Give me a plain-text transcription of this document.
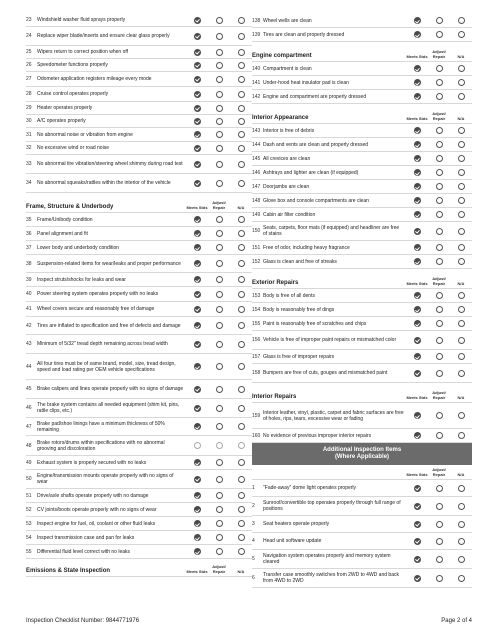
23	Windshield washer fluid sprays properly
24	Replace wiper blade/inserts and ensure clear glass properly
25	Wipers return to correct position when off
26	Speedometer functions properly
27	Odometer application registers mileage every mode
28	Cruise control operates properly
29	Heater operates properly
30	A/C operates properly
31	No abnormal noise or vibration from engine
32	No excessive wind or road noise
33	No abnormal tire vibration/steering wheel shimmy during road test
34	No abnormal squeaks/rattles within the interior of the vehicle
Frame, Structure & Underbody	Meets Stds
Adjust/ Repair	N/A
35	Frame/Unibody condition
36	Panel alignment and fit
37	Lower body and underbody condition
38	Suspension-related items for wear/leaks and proper performance
39	Inspect struts/shocks for leaks and wear
40	Power steering system operates properly with no leaks
41	Wheel covers secure and reasonably free of damage
42	Tires are inflated to specification and free of defects and damage
43	Minimum of 5/32" tread depth remaining across tread width
44	All four tires must be of same brand, model, size, tread design, speed and load rating per OEM vehicle specifications
45	Brake calipers and lines operate properly with no signs of damage
46	The brake system contains all needed equipment (shim kit, pins, rattle clips, etc.)
47	Brake pad/shoe linings have a minimum thickness of 50% remaining
48	Brake rotors/drums within specifications with no abnormal grooving and discoloration
49	Exhaust system is properly secured with no leaks
50	Engine/transmission mounts operate properly with no signs of wear
51	Drive/axle shafts operate properly with no damage
52	CV joints/boots operate properly with no signs of wear
53	Inspect engine for fuel, oil, coolant or other fluid leaks
54	Inspect transmission case and pan for leaks
55	Differential fluid level correct with no leaks
Emissions & State Inspection	Meets Stds
Adjust/ Repair	N/A
138 Wheel wells are clean
139 Tires are clean and properly dressed
Engine compartment	Meets Stds
Adjust/ Repair	N/A
140 Compartment is clean
141 Under-hood heat insulator pad is clean
142 Engine and compartment are properly dressed
Interior Appearance	Meets Stds
Adjust/ Repair	N/A
143 Interior is free of debris
144 Dash and vents are clean and properly dressed
145 All crevices are clean
146 Ashtrays and lighter are clean (if equipped)
147 Doorjambs are clean
148 Glove box and console compartments are clean
149 Cabin air filter condition
150 Seats, carpets, floor mats (if equipped) and headliner are free of stains
151 Free of odor, including heavy fragrance
152 Glass is clean and free of streaks
Exterior Repairs	Meets Stds
Adjust/ Repair	N/A
153 Body is free of all dents
154 Body is reasonably free of dings
155 Paint is reasonably free of scratches and chips
156 Vehicle is free of improper paint repairs or mismatched color
157 Glass is free of improper repairs
158 Bumpers are free of cuts, gouges and mismatched paint
Interior Repairs	Meets Stds
Adjust/ Repair	N/A
159 Interior leather, vinyl, plastic, carpet and fabric surfaces are free of holes, rips, tears, excessive wear or fading
160 No evidence of previous improper interior repairs
Additional Inspection Items
(Where Applicable)
Meets Stds
Adjust/ Repair	N/A
1	"Fade-away" dome light operates properly
2	Sunroof/convertible top operates properly through full range of positions
3	Seat heaters operate properly
4	Head unit software update
5	Navigation system operates properly and memory system cleared
6	Transfer case smoothly switches from 2WD to 4WD and back from 4WD to 2WD
Inspection Checklist Number: 9844771976	Page 2 of 4
